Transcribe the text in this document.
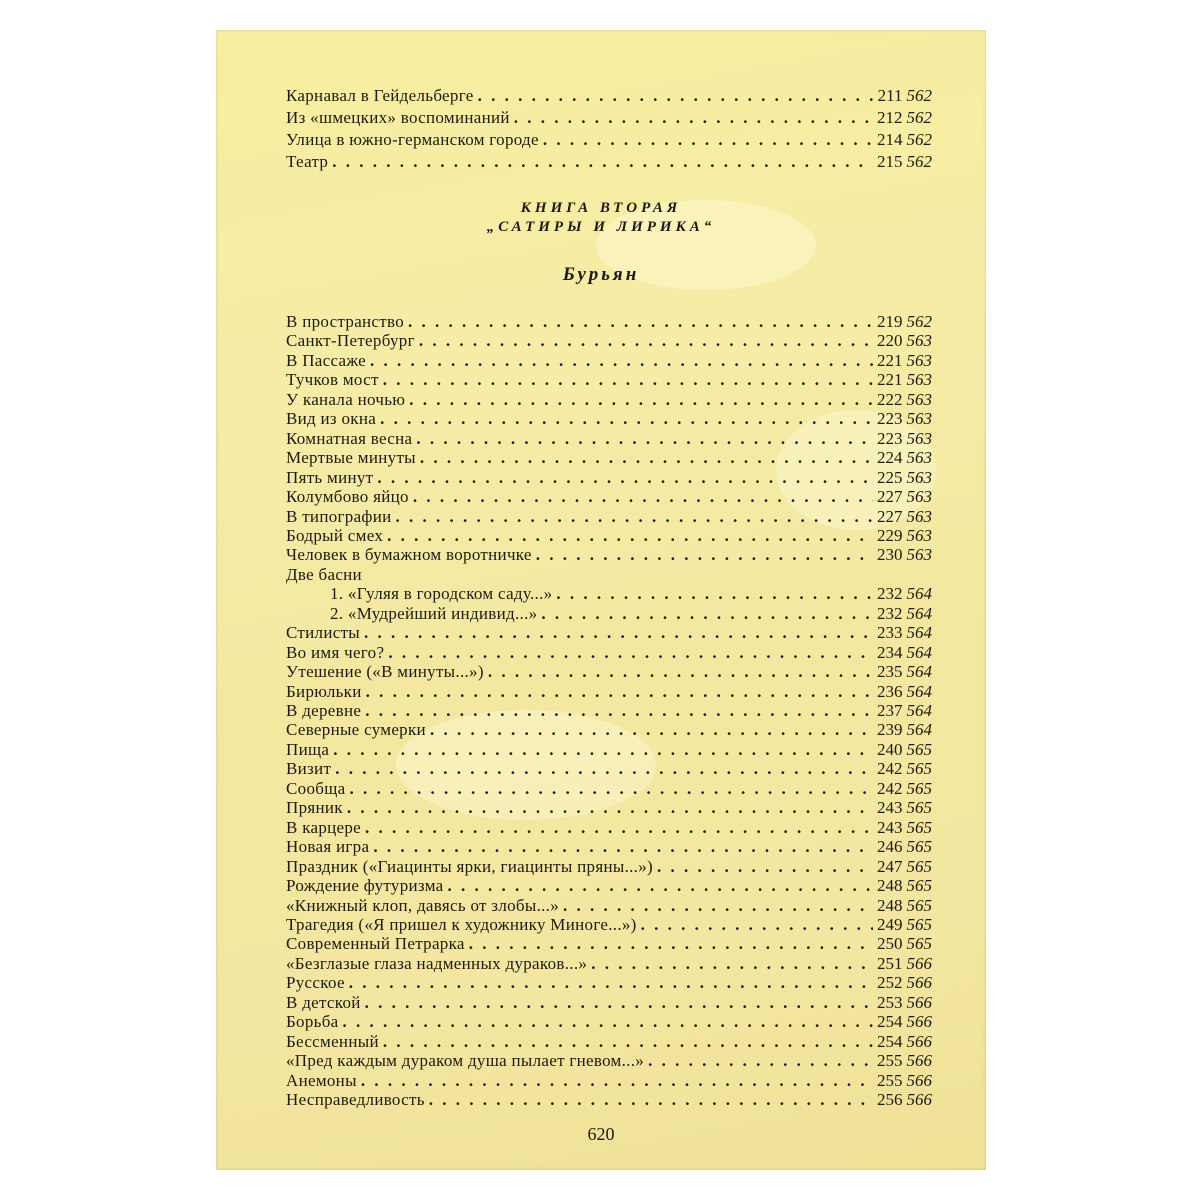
Карнавал в Гейдельберге . . .	211 562
Из «шмецких» воспоминаний . . .	212 562
Улица в южно-германском городе . . .	214 562
Театр . . .	215 562
КНИГА ВТОРАЯ
„САТИРЫ И ЛИРИКА“
Бурьян
В пространство . . .	219 562
Санкт-Петербург . . .	220 563
В Пассаже . . .	221 563
Тучков мост . . .	221 563
У канала ночью . . .	222 563
Вид из окна . . .	223 563
Комнатная весна . . .	223 563
Мертвые минуты . . .	224 563
Пять минут . . .	225 563
Колумбово яйцо . . .	227 563
В типографии . . .	227 563
Бодрый смех . . .	229 563
Человек в бумажном воротничке . . .	230 563
Две басни
1. «Гуляя в городском саду...» . . .	232 564
2. «Мудрейший индивид...» . . .	232 564
Стилисты . . .	233 564
Во имя чего? . . .	234 564
Утешение («В минуты...») . . .	235 564
Бирюльки . . .	236 564
В деревне . . .	237 564
Северные сумерки . . .	239 564
Пища . . .	240 565
Визит . . .	242 565
Сообща . . .	242 565
Пряник . . .	243 565
В карцере . . .	243 565
Новая игра . . .	246 565
Праздник («Гиацинты ярки, гиацинты пряны...») . . .	247 565
Рождение футуризма . . .	248 565
«Книжный клоп, давясь от злобы...» . . .	248 565
Трагедия («Я пришел к художнику Миноге...») . . .	249 565
Современный Петрарка . . .	250 565
«Безглазые глаза надменных дураков...» . . .	251 566
Русское . . .	252 566
В детской . . .	253 566
Борьба . . .	254 566
Бессменный . . .	254 566
«Пред каждым дураком душа пылает гневом...» . . .	255 566
Анемоны . . .	255 566
Несправедливость . . .	256 566
620
